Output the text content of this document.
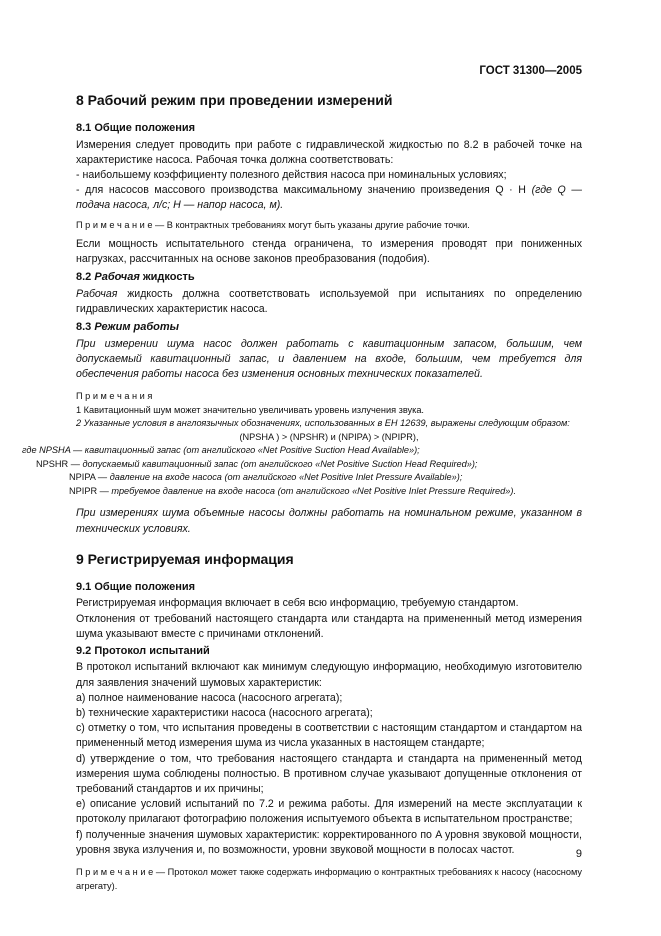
ГОСТ 31300—2005

8 Рабочий режим при проведении измерений

8.1 Общие положения

Измерения следует проводить при работе с гидравлической жидкостью по 8.2 в рабочей точке на характеристике насоса. Рабочая точка должна соответствовать:

- наибольшему коэффициенту полезного действия насоса при номинальных условиях;

- для насосов массового производства максимальному значению произведения Q · H (где Q — подача насоса, л/с; H — напор насоса, м).

П р и м е ч а н и е — В контрактных требованиях могут быть указаны другие рабочие точки.

Если мощность испытательного стенда ограничена, то измерения проводят при пониженных нагрузках, рассчитанных на основе законов преобразования (подобия).

8.2 Рабочая жидкость

Рабочая жидкость должна соответствовать используемой при испытаниях по определению гидравлических характеристик насоса.

8.3 Режим работы

При измерении шума насос должен работать с кавитационным запасом, большим, чем допускаемый кавитационный запас, и давлением на входе, большим, чем требуется для обеспечения работы насоса без изменения основных технических показателей.

П р и м е ч а н и я

1 Кавитационный шум может значительно увеличивать уровень излучения звука.

2 Указанные условия в англоязычных обозначениях, использованных в ЕН 12639, выражены следующим образом:

(NPSHA ) > (NPSHR) и (NPIPA) > (NPIPR),

где NPSHA — кавитационный запас (от английского «Net Positive Suction Head Available»);
NPSHR — допускаемый кавитационный запас (от английского «Net Positive Suction Head Required»);
NPIPA — давление на входе насоса (от английского «Net Positive Inlet Pressure Available»);
NPIPR — требуемое давление на входе насоса (от английского «Net Positive Inlet Pressure Required»).

При измерениях шума объемные насосы должны работать на номинальном режиме, указанном в технических условиях.

9 Регистрируемая информация

9.1 Общие положения

Регистрируемая информация включает в себя всю информацию, требуемую стандартом.

Отклонения от требований настоящего стандарта или стандарта на примененный метод измерения шума указывают вместе с причинами отклонений.

9.2 Протокол испытаний

В протокол испытаний включают как минимум следующую информацию, необходимую изготовителю для заявления значений шумовых характеристик:

а) полное наименование насоса (насосного агрегата);

b) технические характеристики насоса (насосного агрегата);

с) отметку о том, что испытания проведены в соответствии с настоящим стандартом и стандартом на примененный метод измерения шума из числа указанных в настоящем стандарте;

d) утверждение о том, что требования настоящего стандарта и стандарта на примененный метод измерения шума соблюдены полностью. В противном случае указывают допущенные отклонения от требований стандартов и их причины;

е) описание условий испытаний по 7.2 и режима работы. Для измерений на месте эксплуатации к протоколу прилагают фотографию положения испытуемого объекта в испытательном пространстве;

f) полученные значения шумовых характеристик: корректированного по A уровня звуковой мощности, уровня звука излучения и, по возможности, уровни звуковой мощности в полосах частот.

П р и м е ч а н и е — Протокол может также содержать информацию о контрактных требованиях к насосу (насосному агрегату).

9
